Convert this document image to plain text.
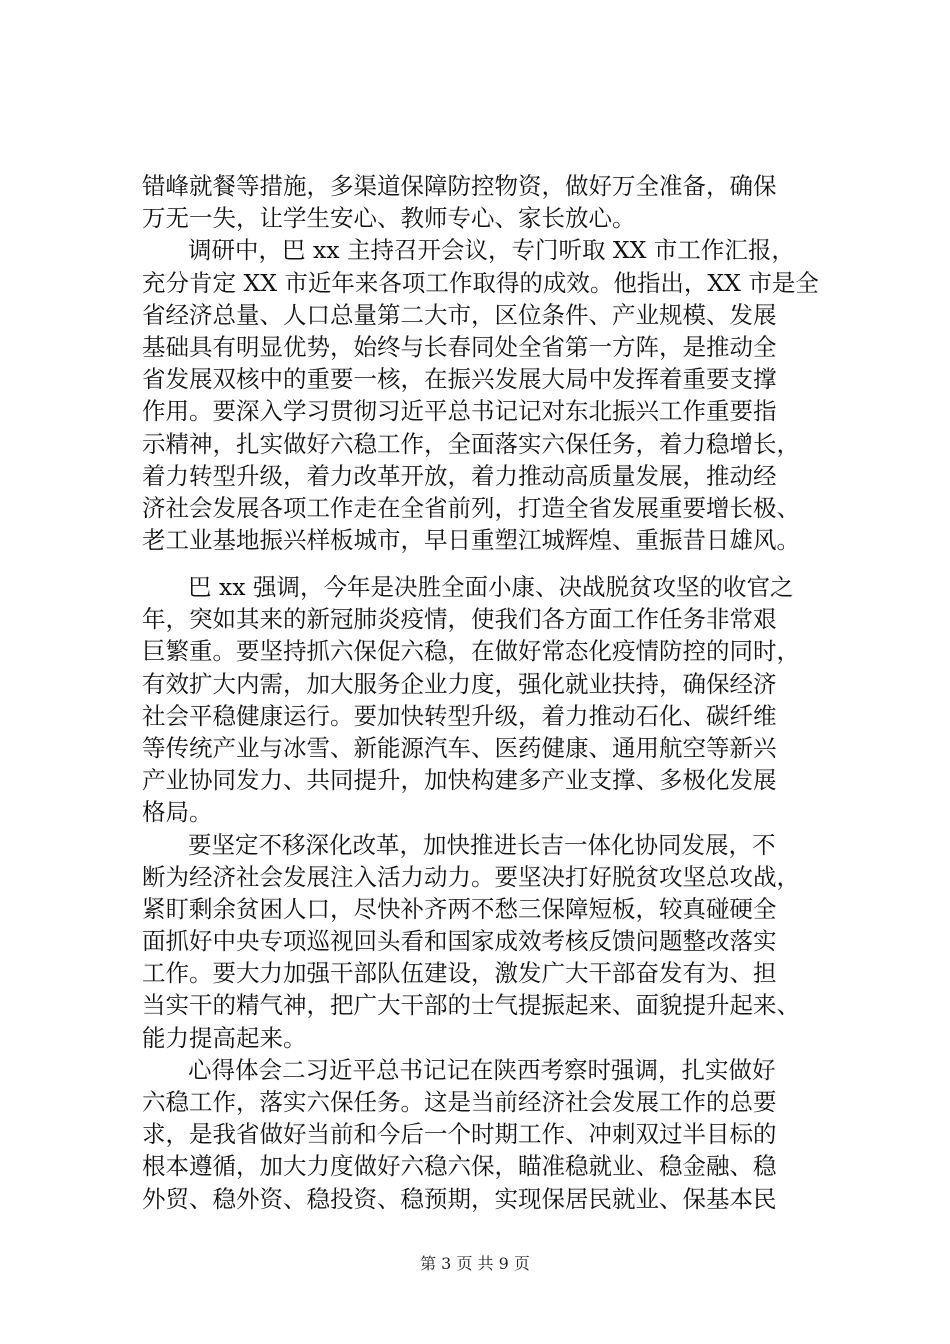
错峰就餐等措施，多渠道保障防控物资，做好万全准备，确保
万无一失，让学生安心、教师专心、家长放心。
调研中，巴 xx 主持召开会议，专门听取 XX 市工作汇报，
充分肯定 XX 市近年来各项工作取得的成效。他指出，XX 市是全
省经济总量、人口总量第二大市，区位条件、产业规模、发展
基础具有明显优势，始终与长春同处全省第一方阵，是推动全
省发展双核中的重要一核，在振兴发展大局中发挥着重要支撑
作用。要深入学习贯彻习近平总书记记对东北振兴工作重要指
示精神，扎实做好六稳工作，全面落实六保任务，着力稳增长，
着力转型升级，着力改革开放，着力推动高质量发展，推动经
济社会发展各项工作走在全省前列，打造全省发展重要增长极、
老工业基地振兴样板城市，早日重塑江城辉煌、重振昔日雄风。
巴 xx 强调，今年是决胜全面小康、决战脱贫攻坚的收官之
年，突如其来的新冠肺炎疫情，使我们各方面工作任务非常艰
巨繁重。要坚持抓六保促六稳，在做好常态化疫情防控的同时，
有效扩大内需，加大服务企业力度，强化就业扶持，确保经济
社会平稳健康运行。要加快转型升级，着力推动石化、碳纤维
等传统产业与冰雪、新能源汽车、医药健康、通用航空等新兴
产业协同发力、共同提升，加快构建多产业支撑、多极化发展
格局。
要坚定不移深化改革，加快推进长吉一体化协同发展，不
断为经济社会发展注入活力动力。要坚决打好脱贫攻坚总攻战，
紧盯剩余贫困人口，尽快补齐两不愁三保障短板，较真碰硬全
面抓好中央专项巡视回头看和国家成效考核反馈问题整改落实
工作。要大力加强干部队伍建设，激发广大干部奋发有为、担
当实干的精气神，把广大干部的士气提振起来、面貌提升起来、
能力提高起来。
心得体会二习近平总书记记在陕西考察时强调，扎实做好
六稳工作，落实六保任务。这是当前经济社会发展工作的总要
求，是我省做好当前和今后一个时期工作、冲刺双过半目标的
根本遵循，加大力度做好六稳六保，瞄准稳就业、稳金融、稳
外贸、稳外资、稳投资、稳预期，实现保居民就业、保基本民
第 3 页 共 9 页
